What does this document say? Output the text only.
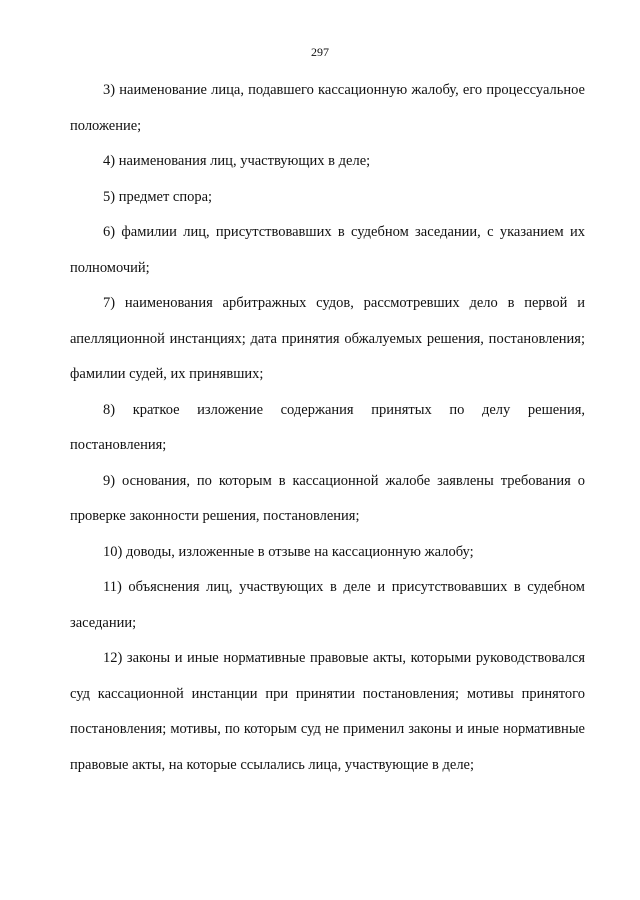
297

3) наименование лица, подавшего кассационную жалобу, его процессуальное положение;

4) наименования лиц, участвующих в деле;

5) предмет спора;

6) фамилии лиц, присутствовавших в судебном заседании, с указанием их полномочий;

7) наименования арбитражных судов, рассмотревших дело в первой и апелляционной инстанциях; дата принятия обжалуемых решения, постановления; фамилии судей, их принявших;

8) краткое изложение содержания принятых по делу решения, постановления;

9) основания, по которым в кассационной жалобе заявлены требования о проверке законности решения, постановления;

10) доводы, изложенные в отзыве на кассационную жалобу;

11) объяснения лиц, участвующих в деле и присутствовавших в судебном заседании;

12) законы и иные нормативные правовые акты, которыми руководствовался суд кассационной инстанции при принятии постановления; мотивы принятого постановления; мотивы, по которым суд не применил законы и иные нормативные правовые акты, на которые ссылались лица, участвующие в деле;
